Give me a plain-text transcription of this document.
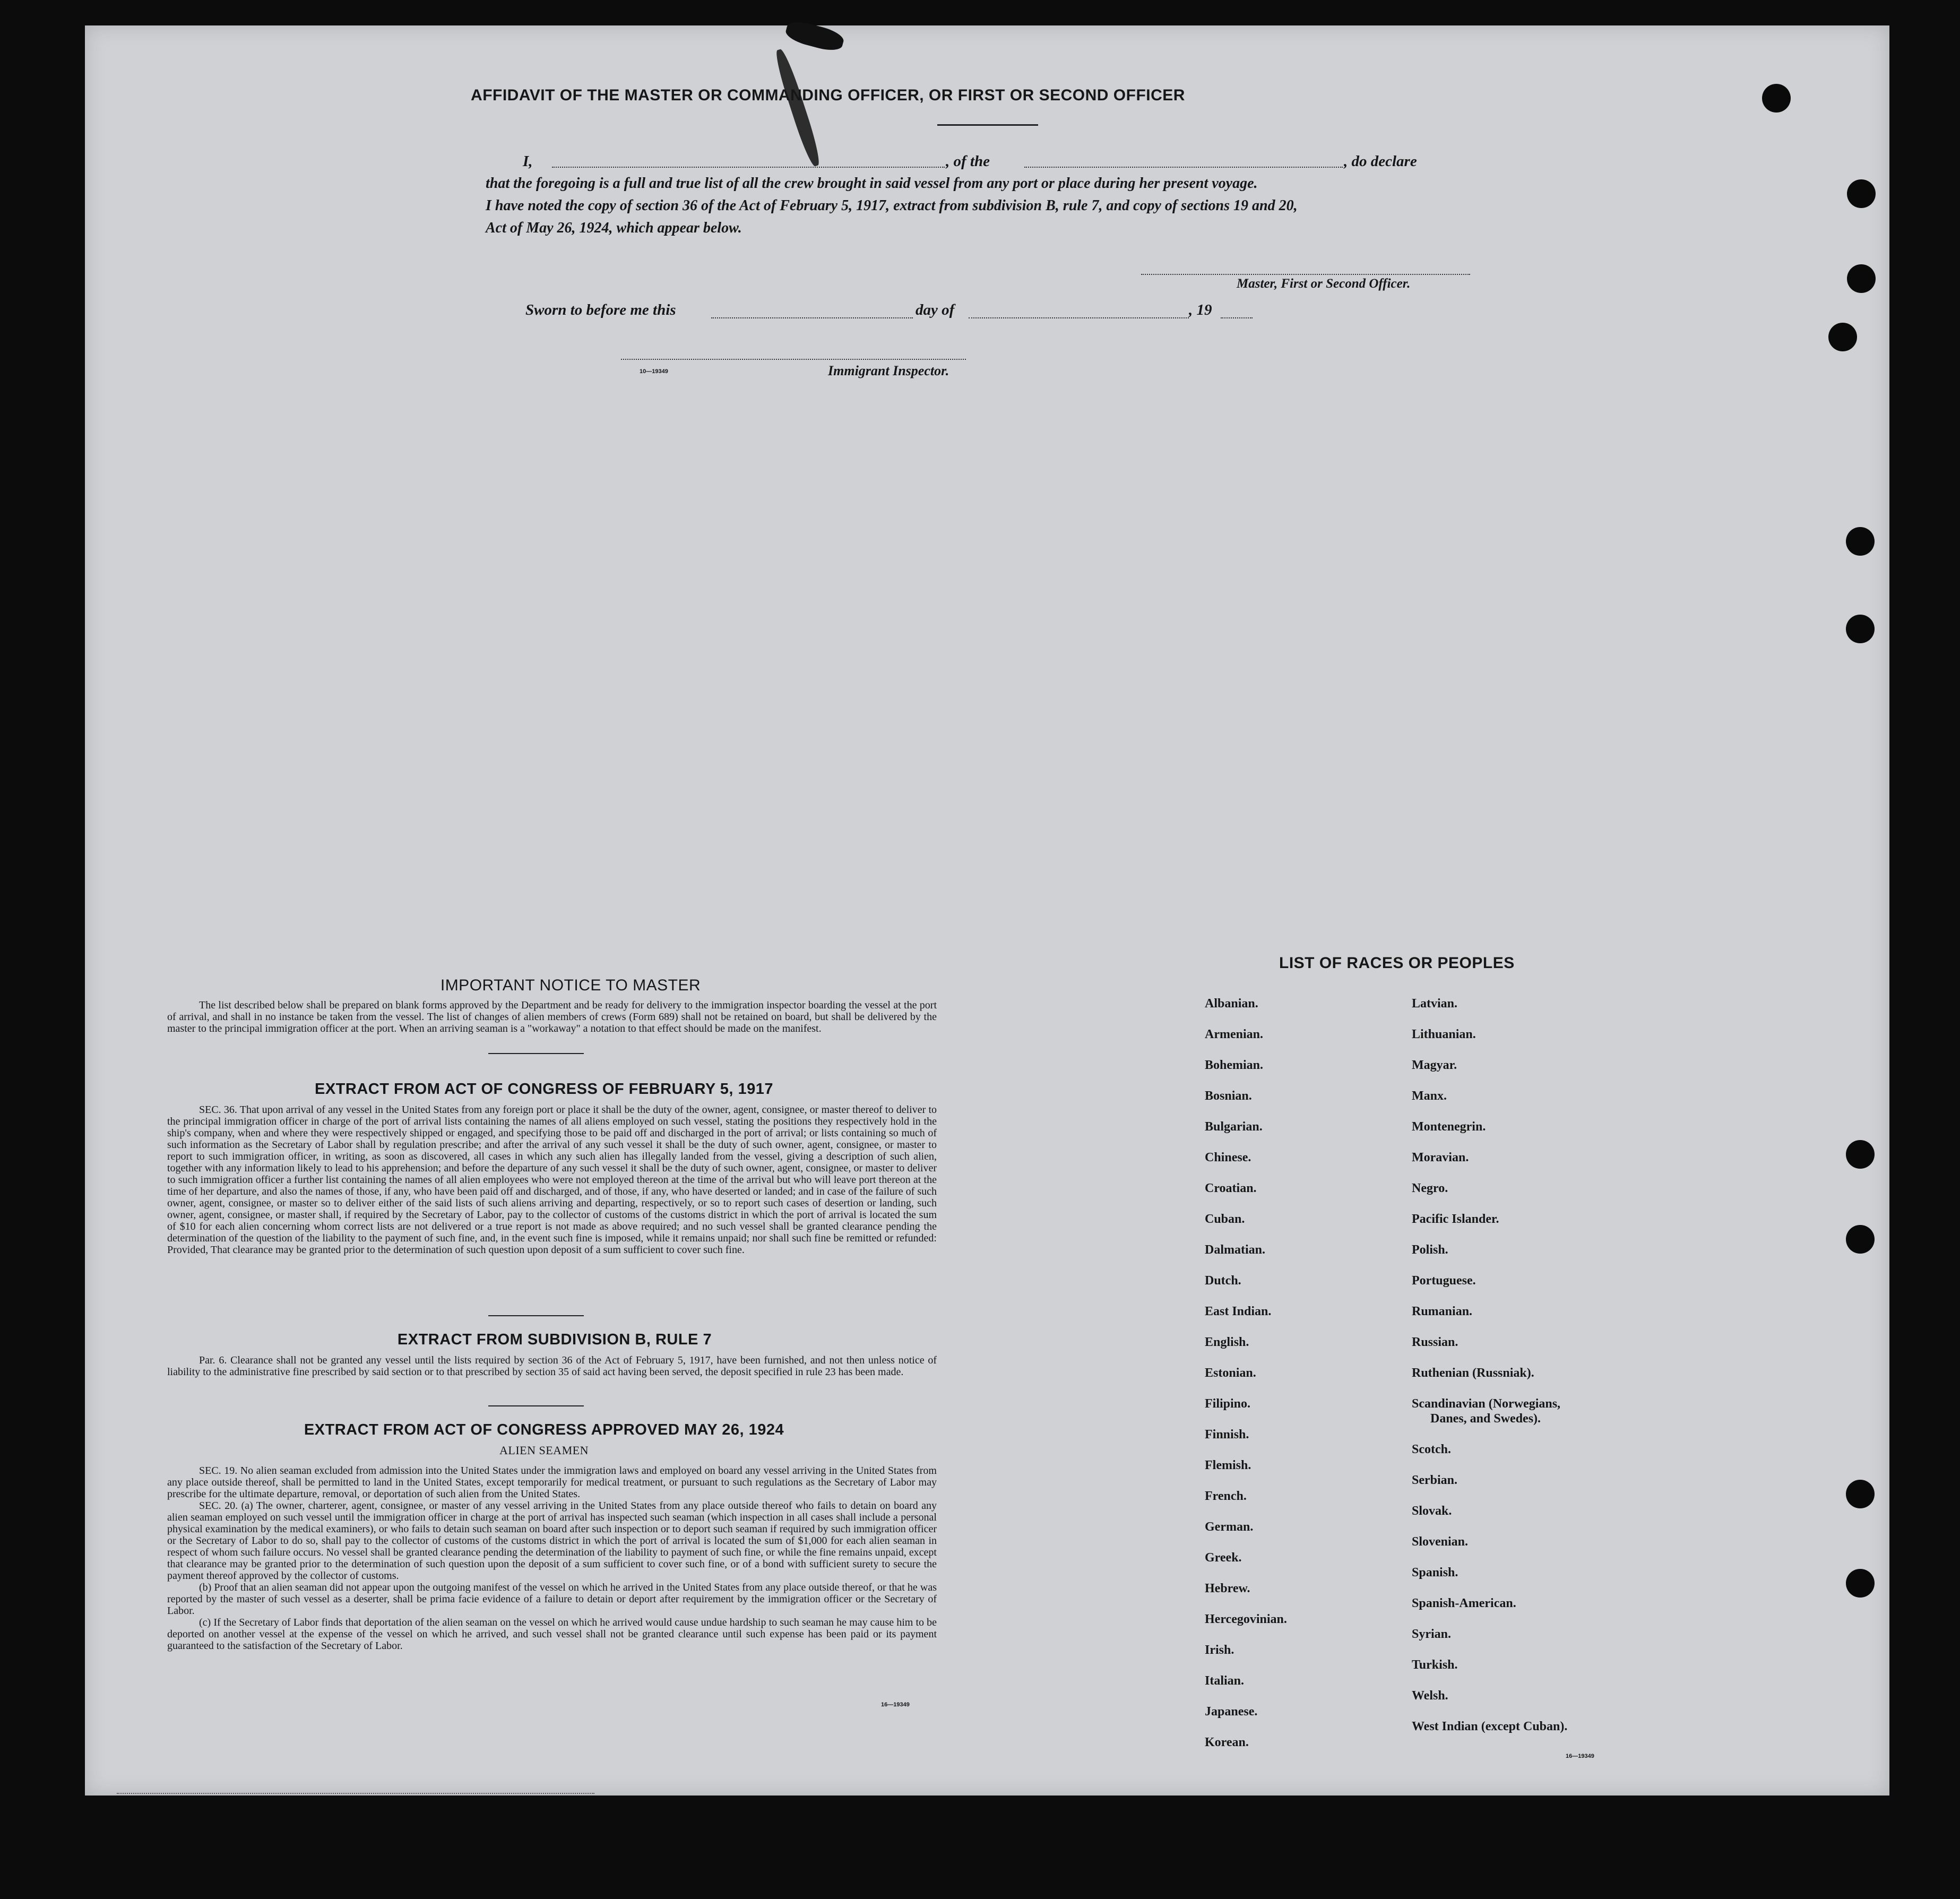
AFFIDAVIT OF THE MASTER OR COMMANDING OFFICER, OR FIRST OR SECOND OFFICER
I,	, of the	, do declare
that the foregoing is a full and true list of all the crew brought in said vessel from any port or place during her present voyage.
I have noted the copy of section 36 of the Act of February 5, 1917, extract from subdivision B, rule 7, and copy of sections 19 and 20,
Act of May 26, 1924, which appear below.
Master, First or Second Officer.
Sworn to before me this	day of	, 19
10—19349	Immigrant Inspector.
IMPORTANT NOTICE TO MASTER
The list described below shall be prepared on blank forms approved by the Department and be ready for delivery to the immigration inspector boarding the vessel at the port of arrival, and shall in no instance be taken from the vessel. The list of changes of alien members of crews (Form 689) shall not be retained on board, but shall be delivered by the master to the principal immigration officer at the port. When an arriving seaman is a "workaway" a notation to that effect should be made on the manifest.
EXTRACT FROM ACT OF CONGRESS OF FEBRUARY 5, 1917
SEC. 36. That upon arrival of any vessel in the United States from any foreign port or place it shall be the duty of the owner, agent, consignee, or master thereof to deliver to the principal immigration officer in charge of the port of arrival lists containing the names of all aliens employed on such vessel, stating the positions they respectively hold in the ship's company, when and where they were respectively shipped or engaged, and specifying those to be paid off and discharged in the port of arrival; or lists containing so much of such information as the Secretary of Labor shall by regulation prescribe; and after the arrival of any such vessel it shall be the duty of such owner, agent, consignee, or master to report to such immigration officer, in writing, as soon as discovered, all cases in which any such alien has illegally landed from the vessel, giving a description of such alien, together with any information likely to lead to his apprehension; and before the departure of any such vessel it shall be the duty of such owner, agent, consignee, or master to deliver to such immigration officer a further list containing the names of all alien employees who were not employed thereon at the time of the arrival but who will leave port thereon at the time of her departure, and also the names of those, if any, who have been paid off and discharged, and of those, if any, who have deserted or landed; and in case of the failure of such owner, agent, consignee, or master so to deliver either of the said lists of such aliens arriving and departing, respectively, or so to report such cases of desertion or landing, such owner, agent, consignee, or master shall, if required by the Secretary of Labor, pay to the collector of customs of the customs district in which the port of arrival is located the sum of $10 for each alien concerning whom correct lists are not delivered or a true report is not made as above required; and no such vessel shall be granted clearance pending the determination of the question of the liability to the payment of such fine, and, in the event such fine is imposed, while it remains unpaid; nor shall such fine be remitted or refunded: Provided, That clearance may be granted prior to the determination of such question upon deposit of a sum sufficient to cover such fine.
EXTRACT FROM SUBDIVISION B, RULE 7
Par. 6. Clearance shall not be granted any vessel until the lists required by section 36 of the Act of February 5, 1917, have been furnished, and not then unless notice of liability to the administrative fine prescribed by said section or to that prescribed by section 35 of said act having been served, the deposit specified in rule 23 has been made.
EXTRACT FROM ACT OF CONGRESS APPROVED MAY 26, 1924
ALIEN SEAMEN
SEC. 19. No alien seaman excluded from admission into the United States under the immigration laws and employed on board any vessel arriving in the United States from any place outside thereof, shall be permitted to land in the United States, except temporarily for medical treatment, or pursuant to such regulations as the Secretary of Labor may prescribe for the ultimate departure, removal, or deportation of such alien from the United States.
SEC. 20. (a) The owner, charterer, agent, consignee, or master of any vessel arriving in the United States from any place outside thereof who fails to detain on board any alien seaman employed on such vessel until the immigration officer in charge at the port of arrival has inspected such seaman (which inspection in all cases shall include a personal physical examination by the medical examiners), or who fails to detain such seaman on board after such inspection or to deport such seaman if required by such immigration officer or the Secretary of Labor to do so, shall pay to the collector of customs of the customs district in which the port of arrival is located the sum of $1,000 for each alien seaman in respect of whom such failure occurs. No vessel shall be granted clearance pending the determination of the liability to payment of such fine, or while the fine remains unpaid, except that clearance may be granted prior to the determination of such question upon the deposit of a sum sufficient to cover such fine, or of a bond with sufficient surety to secure the payment thereof approved by the collector of customs.
(b) Proof that an alien seaman did not appear upon the outgoing manifest of the vessel on which he arrived in the United States from any place outside thereof, or that he was reported by the master of such vessel as a deserter, shall be prima facie evidence of a failure to detain or deport after requirement by the immigration officer or the Secretary of Labor.
(c) If the Secretary of Labor finds that deportation of the alien seaman on the vessel on which he arrived would cause undue hardship to such seaman he may cause him to be deported on another vessel at the expense of the vessel on which he arrived, and such vessel shall not be granted clearance until such expense has been paid or its payment guaranteed to the satisfaction of the Secretary of Labor.
16—19349
LIST OF RACES OR PEOPLES
Albanian.
Armenian.
Bohemian.
Bosnian.
Bulgarian.
Chinese.
Croatian.
Cuban.
Dalmatian.
Dutch.
East Indian.
English.
Estonian.
Filipino.
Finnish.
Flemish.
French.
German.
Greek.
Hebrew.
Hercegovinian.
Irish.
Italian.
Japanese.
Korean.
Latvian.
Lithuanian.
Magyar.
Manx.
Montenegrin.
Moravian.
Negro.
Pacific Islander.
Polish.
Portuguese.
Rumanian.
Russian.
Ruthenian (Russniak).
Scandinavian (Norwegians,
Danes, and Swedes).
Scotch.
Serbian.
Slovak.
Slovenian.
Spanish.
Spanish-American.
Syrian.
Turkish.
Welsh.
West Indian (except Cuban).
16—19349
